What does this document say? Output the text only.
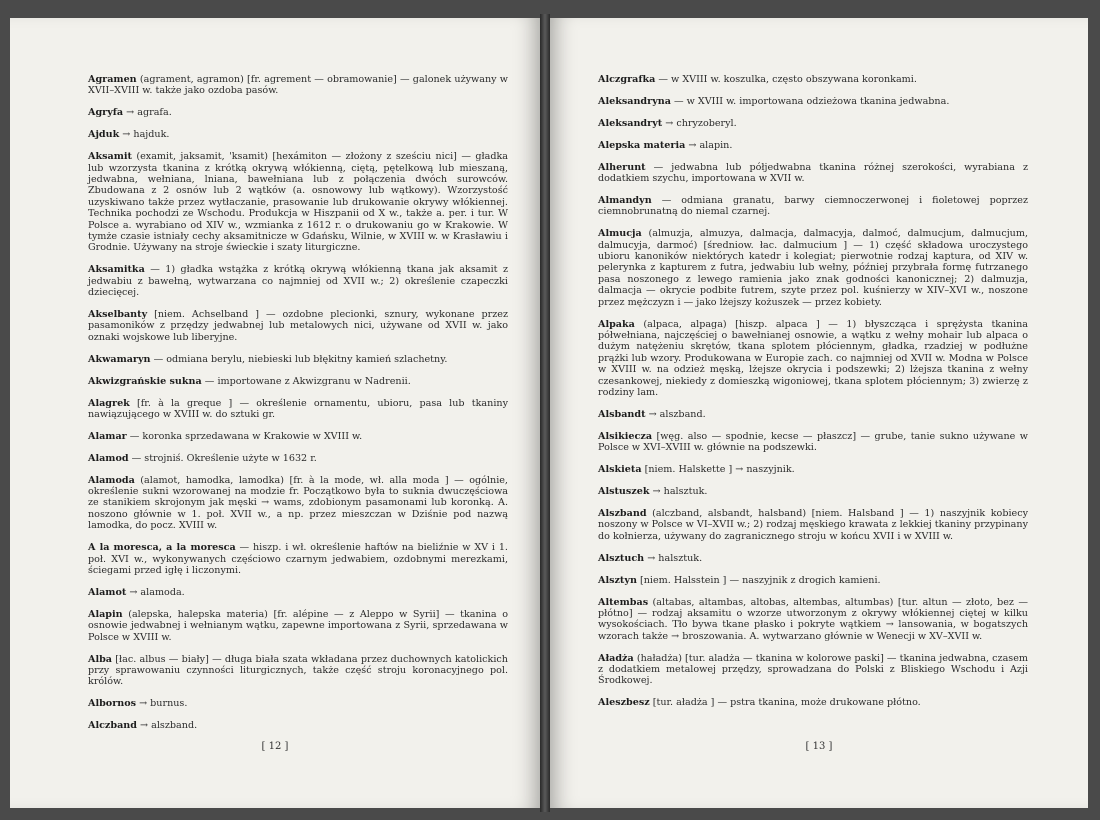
Agramen (agrament, agramon) [fr. agrement — obramowanie] — galonek używany w XVII–XVIII w. także jako ozdoba pasów.

Agryfa → agrafa.

Ajduk → hajduk.

Aksamit (examit, jaksamit, 'ksamit) [hexámiton — złożony z sześciu nici] — gładka lub wzorzysta tkanina z krótką okrywą włókienną, ciętą, pętelkową lub mieszaną, jedwabna, wełniana, lniana, bawełniana lub z połączenia dwóch surowców. Zbudowana z 2 osnów lub 2 wątków (a. osnowowy lub wątkowy). Wzorzystość uzyskiwano także przez wytłaczanie, prasowanie lub drukowanie okrywy włókiennej. Technika pochodzi ze Wschodu. Produkcja w Hiszpanii od X w., także a. per. i tur. W Polsce a. wyrabiano od XIV w., wzmianka z 1612 r. o drukowaniu go w Krakowie. W tymże czasie istniały cechy aksamitnicze w Gdańsku, Wilnie, w XVIII w. w Krasławiu i Grodnie. Używany na stroje świeckie i szaty liturgiczne.

Aksamitka — 1) gładka wstążka z krótką okrywą włókienną tkana jak aksamit z jedwabiu z bawełną, wytwarzana co najmniej od XVII w.; 2) określenie czapeczki dziecięcej.

Akselbanty [niem. Achselband ] — ozdobne plecionki, sznury, wykonane przez pasamoników z przędzy jedwabnej lub metalowych nici, używane od XVII w. jako oznaki wojskowe lub liberyjne.

Akwamaryn — odmiana berylu, niebieski lub błękitny kamień szlachetny.

Akwizgrańskie sukna — importowane z Akwizgranu w Nadrenii.

Alagrek [fr. à la greque ] — określenie ornamentu, ubioru, pasa lub tkaniny nawiązującego w XVIII w. do sztuki gr.

Alamar — koronka sprzedawana w Krakowie w XVIII w.

Alamod — strojniś. Określenie użyte w 1632 r.

Alamoda (alamot, hamodka, lamodka) [fr. à la mode, wł. alla moda ] — ogólnie, określenie sukni wzorowanej na modzie fr. Początkowo była to suknia dwuczęściowa ze stanikiem skrojonym jak męski → wams, zdobionym pasamonami lub koronką. A. noszono głównie w 1. poł. XVII w., a np. przez mieszczan w Dziśnie pod nazwą lamodka, do pocz. XVIII w.

A la moresca, a la moresca — hiszp. i wł. określenie haftów na bieliźnie w XV i 1. poł. XVI w., wykonywanych częściowo czarnym jedwabiem, ozdobnymi merezkami, ściegami przed igłę i liczonymi.

Alamot → alamoda.

Alapin (alepska, halepska materia) [fr. alépine — z Aleppo w Syrii] — tkanina o osnowie jedwabnej i wełnianym wątku, zapewne importowana z Syrii, sprzedawana w Polsce w XVIII w.

Alba [łac. albus — biały] — długa biała szata wkładana przez duchownych katolickich przy sprawowaniu czynności liturgicznych, także część stroju koronacyjnego pol. królów.

Albornos → burnus.

Alczband → alszband.

[ 12 ]

Alczgrafka — w XVIII w. koszulka, często obszywana koronkami.

Aleksandryna — w XVIII w. importowana odzieżowa tkanina jedwabna.

Aleksandryt → chryzoberyl.

Alepska materia → alapin.

Alherunt — jedwabna lub półjedwabna tkanina różnej szerokości, wyrabiana z dodatkiem szychu, importowana w XVII w.

Almandyn — odmiana granatu, barwy ciemnoczerwonej i fioletowej poprzez ciemnobrunatną do niemal czarnej.

Almucja (almuzja, almuzya, dalmacja, dalmacyja, dalmoć, dalmucjum, dalmucjum, dalmucyja, darmoć) [średniow. łac. dalmucium ] — 1) część składowa uroczystego ubioru kanoników niektórych katedr i kolegiat; pierwotnie rodzaj kaptura, od XIV w. pelerynka z kapturem z futra, jedwabiu lub wełny, później przybrała formę futrzanego pasa noszonego z lewego ramienia jako znak godności kanonicznej; 2) dalmuzja, dalmacja — okrycie podbite futrem, szyte przez pol. kuśnierzy w XIV–XVI w., noszone przez mężczyzn i — jako lżejszy kożuszek — przez kobiety.

Alpaka (alpaca, alpaga) [hiszp. alpaca ] — 1) błyszcząca i sprężysta tkanina półwełniana, najczęściej o bawełnianej osnowie, a wątku z wełny mohair lub alpaca o dużym natężeniu skrętów, tkana splotem płóciennym, gładka, rzadziej w podłużne prążki lub wzory. Produkowana w Europie zach. co najmniej od XVII w. Modna w Polsce w XVIII w. na odzież męską, lżejsze okrycia i podszewki; 2) lżejsza tkanina z wełny czesankowej, niekiedy z domieszką wigoniowej, tkana splotem płóciennym; 3) zwierzę z rodziny lam.

Alsbandt → alszband.

Alsikiecza [węg. also — spodnie, kecse — płaszcz] — grube, tanie sukno używane w Polsce w XVI–XVIII w. głównie na podszewki.

Alskieta [niem. Halskette ] → naszyjnik.

Alstuszek → halsztuk.

Alszband (alczband, alsbandt, halsband) [niem. Halsband ] — 1) naszyjnik kobiecy noszony w Polsce w VI–XVII w.; 2) rodzaj męskiego krawata z lekkiej tkaniny przypinany do kołnierza, używany do zagranicznego stroju w końcu XVII i w XVIII w.

Alsztuch → halsztuk.

Alsztyn [niem. Halsstein ] — naszyjnik z drogich kamieni.

Altembas (altabas, altambas, altobas, altembas, altumbas) [tur. altun — złoto, bez — płótno] — rodzaj aksamitu o wzorze utworzonym z okrywy włókiennej ciętej w kilku wysokościach. Tło bywa tkane płasko i pokryte wątkiem → lansowania, w bogatszych wzorach także → broszowania. A. wytwarzano głównie w Wenecji w XV–XVII w.

Aładża (haładża) [tur. aladża — tkanina w kolorowe paski] — tkanina jedwabna, czasem z dodatkiem metalowej przędzy, sprowadzana do Polski z Bliskiego Wschodu i Azji Środkowej.

Aleszbesz [tur. aładża ] — pstra tkanina, może drukowane płótno.

[ 13 ]
